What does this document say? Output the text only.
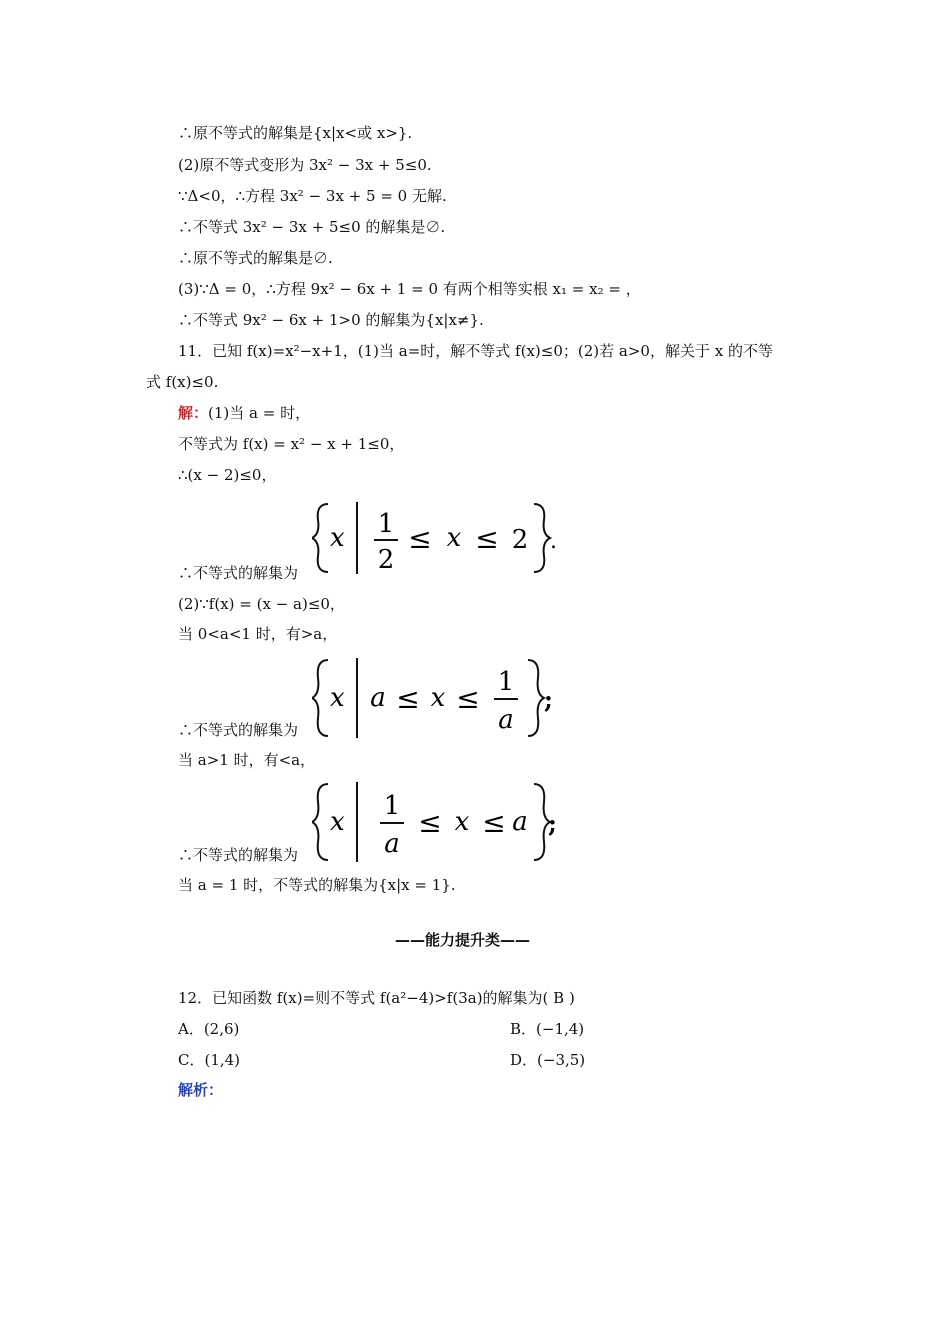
∴原不等式的解集是{x|x<或 x>}.
(2)原不等式变形为 3x² − 3x + 5≤0.
∵Δ<0，∴方程 3x² − 3x + 5 = 0 无解.
∴不等式 3x² − 3x + 5≤0 的解集是∅.
∴原不等式的解集是∅.
(3)∵Δ = 0，∴方程 9x² − 6x + 1 = 0 有两个相等实根 x₁ = x₂ = ，
∴不等式 9x² − 6x + 1>0 的解集为{x|x≠}.
11．已知 f(x)=x²−x+1，(1)当 a=时，解不等式 f(x)≤0；(2)若 a>0，解关于 x 的不等
式 f(x)≤0.
解：(1)当 a = 时，
不等式为 f(x) = x² − x + 1≤0，
∴(x − 2)≤0，
x 1
2
≤ x ≤ 2 .
∴不等式的解集为
(2)∵f(x) = (x − a)≤0，
当 0<a<1 时，有>a，
x a ≤ x ≤ 1
a
;
∴不等式的解集为
当 a>1 时，有<a，
x
1
a
≤ x ≤ a ;
∴不等式的解集为
当 a = 1 时，不等式的解集为{x|x = 1}.
——能力提升类——
12．已知函数 f(x)=则不等式 f(a²−4)>f(3a)的解集为( B )
A．(2,6)	B．(−1,4)
C．(1,4)	D．(−3,5)
解析：
